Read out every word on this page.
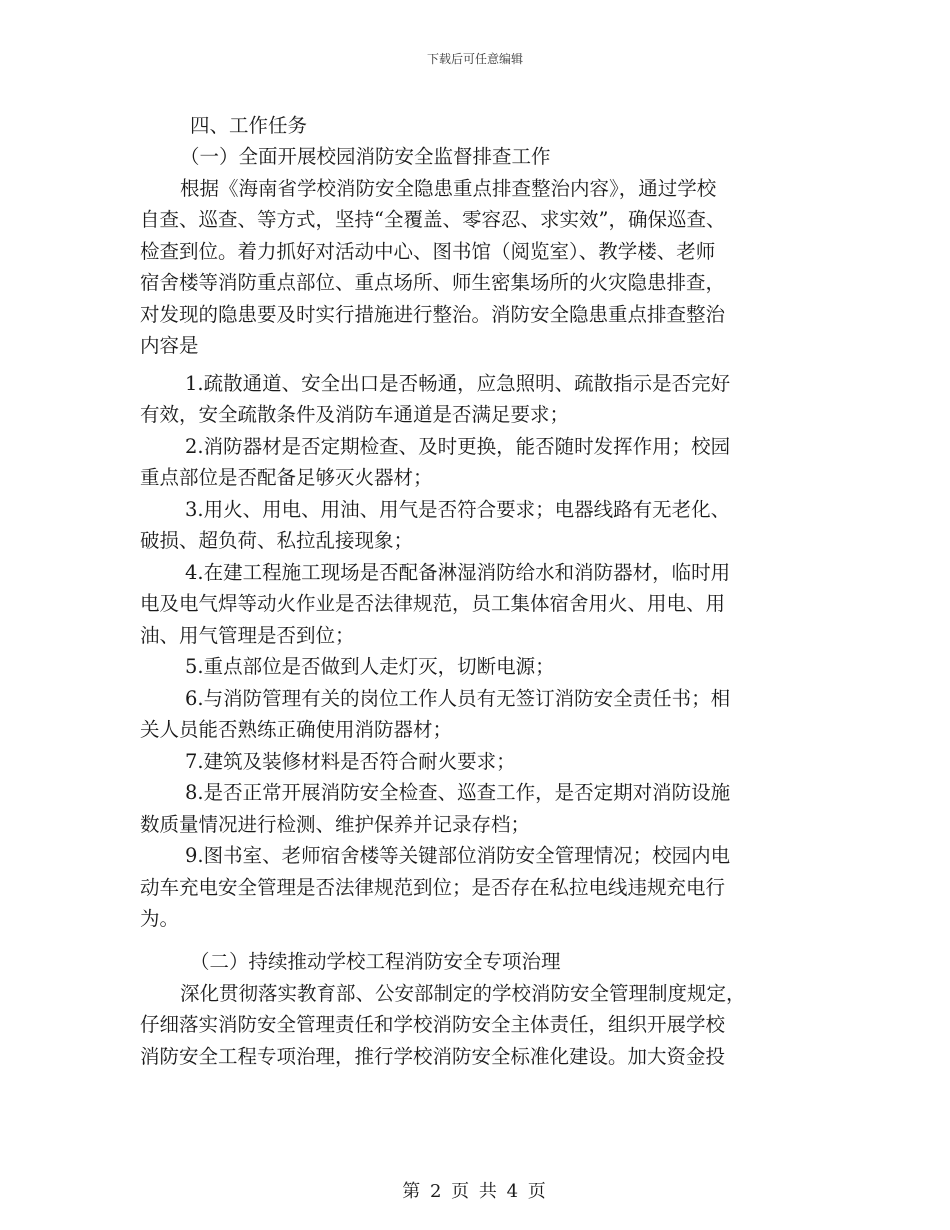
下载后可任意编辑
四、工作任务
（一）全面开展校园消防安全监督排查工作
根据《海南省学校消防安全隐患重点排查整治内容》，通过学校
自查、巡查、等方式，坚持“全覆盖、零容忍、求实效”，确保巡查、
检查到位。着力抓好对活动中心、图书馆（阅览室）、教学楼、老师
宿舍楼等消防重点部位、重点场所、师生密集场所的火灾隐患排查，
对发现的隐患要及时实行措施进行整治。消防安全隐患重点排查整治
内容是
1.疏散通道、安全出口是否畅通，应急照明、疏散指示是否完好
有效，安全疏散条件及消防车通道是否满足要求；
2.消防器材是否定期检查、及时更换，能否随时发挥作用；校园
重点部位是否配备足够灭火器材；
3.用火、用电、用油、用气是否符合要求；电器线路有无老化、
破损、超负荷、私拉乱接现象；
4.在建工程施工现场是否配备淋湿消防给水和消防器材，临时用
电及电气焊等动火作业是否法律规范，员工集体宿舍用火、用电、用
油、用气管理是否到位；
5.重点部位是否做到人走灯灭，切断电源；
6.与消防管理有关的岗位工作人员有无签订消防安全责任书；相
关人员能否熟练正确使用消防器材；
7.建筑及装修材料是否符合耐火要求；
8.是否正常开展消防安全检查、巡查工作，是否定期对消防设施
数质量情况进行检测、维护保养并记录存档；
9.图书室、老师宿舍楼等关键部位消防安全管理情况；校园内电
动车充电安全管理是否法律规范到位；是否存在私拉电线违规充电行
为。
（二）持续推动学校工程消防安全专项治理
深化贯彻落实教育部、公安部制定的学校消防安全管理制度规定，
仔细落实消防安全管理责任和学校消防安全主体责任，组织开展学校
消防安全工程专项治理，推行学校消防安全标准化建设。加大资金投
第 2 页 共 4 页
